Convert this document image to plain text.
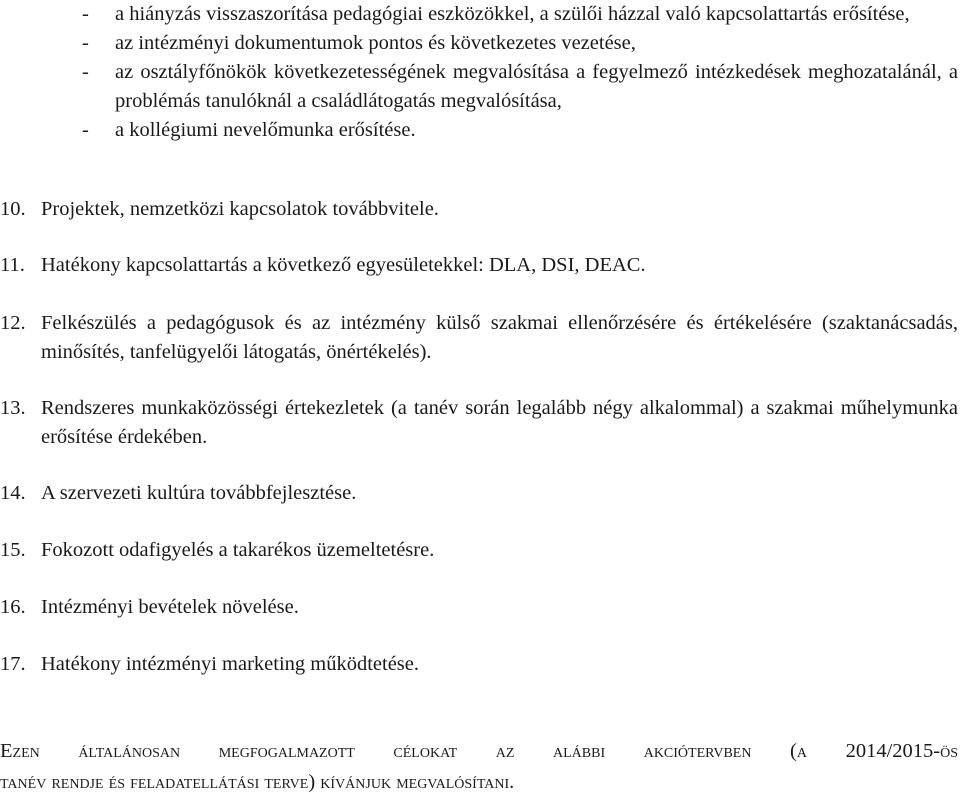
- a hiányzás visszaszorítása pedagógiai eszközökkel, a szülői házzal való kapcsolattartás erősítése,
- az intézményi dokumentumok pontos és következetes vezetése,
- az osztályfőnökök következetességének megvalósítása a fegyelmező intézkedések meghozatalánál, a problémás tanulóknál a családlátogatás megvalósítása,
- a kollégiumi nevelőmunka erősítése.
10. Projektek, nemzetközi kapcsolatok továbbvitele.
11. Hatékony kapcsolattartás a következő egyesületekkel: DLA, DSI, DEAC.
12. Felkészülés a pedagógusok és az intézmény külső szakmai ellenőrzésére és értékelésére (szaktanácsadás, minősítés, tanfelügyelői látogatás, önértékelés).
13. Rendszeres munkaközösségi értekezletek (a tanév során legalább négy alkalommal) a szakmai műhelymunka erősítése érdekében.
14. A szervezeti kultúra továbbfejlesztése.
15. Fokozott odafigyelés a takarékos üzemeltetésre.
16. Intézményi bevételek növelése.
17. Hatékony intézményi marketing működtetése.

Ezen általánosan megfogalmazott célokat az alábbi akciótervben (a 2014/2015-ös
tanév rendje és feladatellátási terve) kívánjuk megvalósítani.
